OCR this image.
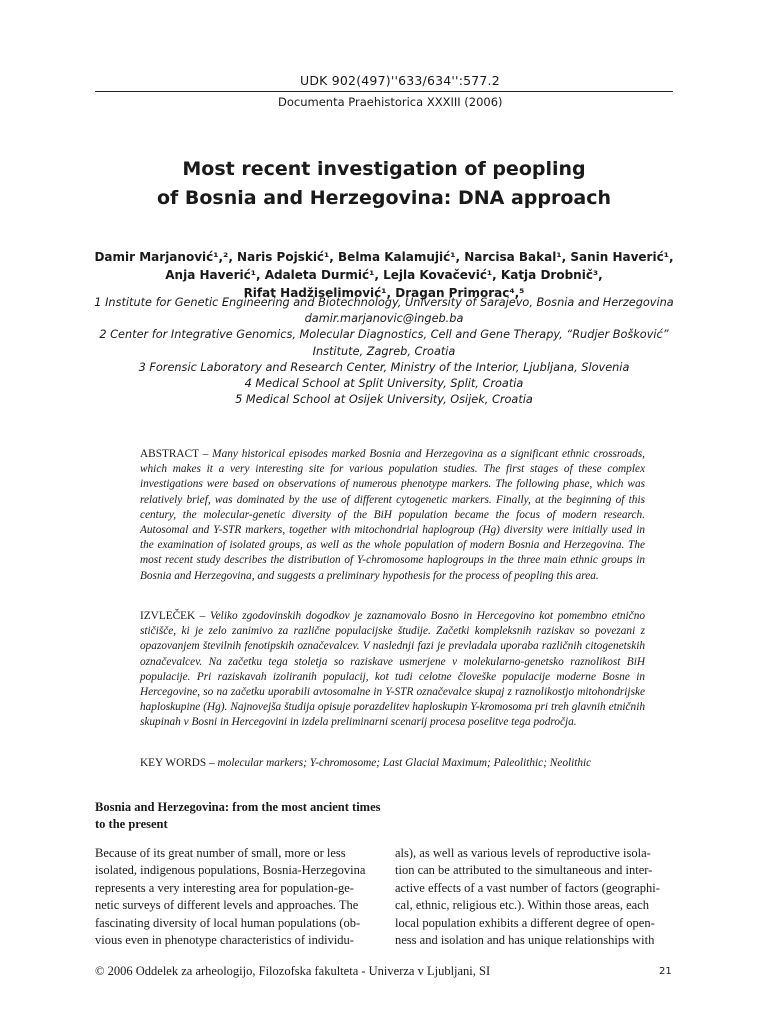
UDK 902(497)''633/634'':577.2
Documenta Praehistorica XXXIII (2006)
Most recent investigation of peopling
of Bosnia and Herzegovina: DNA approach
Damir Marjanović¹,², Naris Pojskić¹, Belma Kalamujić¹, Narcisa Bakal¹, Sanin Haverić¹,
Anja Haverić¹, Adaleta Durmić¹, Lejla Kovačević¹, Katja Drobnič³,
Rifat Hadžiselimović¹, Dragan Primorac⁴,⁵
1 Institute for Genetic Engineering and Biotechnology, University of Sarajevo, Bosnia and Herzegovina
damir.marjanovic@ingeb.ba
2 Center for Integrative Genomics, Molecular Diagnostics, Cell and Gene Therapy, “Rudjer Bošković”
Institute, Zagreb, Croatia
3 Forensic Laboratory and Research Center, Ministry of the Interior, Ljubljana, Slovenia
4 Medical School at Split University, Split, Croatia
5 Medical School at Osijek University, Osijek, Croatia
ABSTRACT – Many historical episodes marked Bosnia and Herzegovina as a significant ethnic crossroads, which makes it a very interesting site for various population studies. The first stages of these complex investigations were based on observations of numerous phenotype markers. The following phase, which was relatively brief, was dominated by the use of different cytogenetic markers. Finally, at the beginning of this century, the molecular-genetic diversity of the BiH population became the focus of modern research. Autosomal and Y-STR markers, together with mitochondrial haplogroup (Hg) diversity were initially used in the examination of isolated groups, as well as the whole population of modern Bosnia and Herzegovina. The most recent study describes the distribution of Y-chromosome haplogroups in the three main ethnic groups in Bosnia and Herzegovina, and suggests a preliminary hypothesis for the process of peopling this area.
IZVLEČEK – Veliko zgodovinskih dogodkov je zaznamovalo Bosno in Hercegovino kot pomembno etnično stičišče, ki je zelo zanimivo za različne populacijske študije. Začetki kompleksnih raziskav so povezani z opazovanjem številnih fenotipskih označevalcev. V naslednji fazi je prevladala uporaba različnih citogenetskih označevalcev. Na začetku tega stoletja so raziskave usmerjene v molekularno-genetsko raznolikost BiH populacije. Pri raziskavah izoliranih populacij, kot tudi celotne človeške populacije moderne Bosne in Hercegovine, so na začetku uporabili avtosomalne in Y-STR označevalce skupaj z raznolikostjo mitohondrijske haploskupine (Hg). Najnovejša študija opisuje porazdelitev haploskupin Y-kromosoma pri treh glavnih etničnih skupinah v Bosni in Hercegovini in izdela preliminarni scenarij procesa poselitve tega področja.
KEY WORDS – molecular markers; Y-chromosome; Last Glacial Maximum; Paleolithic; Neolithic
Bosnia and Herzegovina: from the most ancient times to the present
Because of its great number of small, more or less
isolated, indigenous populations, Bosnia-Herzegovina
represents a very interesting area for population-ge-
netic surveys of different levels and approaches. The
fascinating diversity of local human populations (ob-
vious even in phenotype characteristics of individu-
als), as well as various levels of reproductive isola-
tion can be attributed to the simultaneous and inter-
active effects of a vast number of factors (geographi-
cal, ethnic, religious etc.). Within those areas, each
local population exhibits a different degree of open-
ness and isolation and has unique relationships with
© 2006 Oddelek za arheologijo, Filozofska fakulteta - Univerza v Ljubljani, SI	21
